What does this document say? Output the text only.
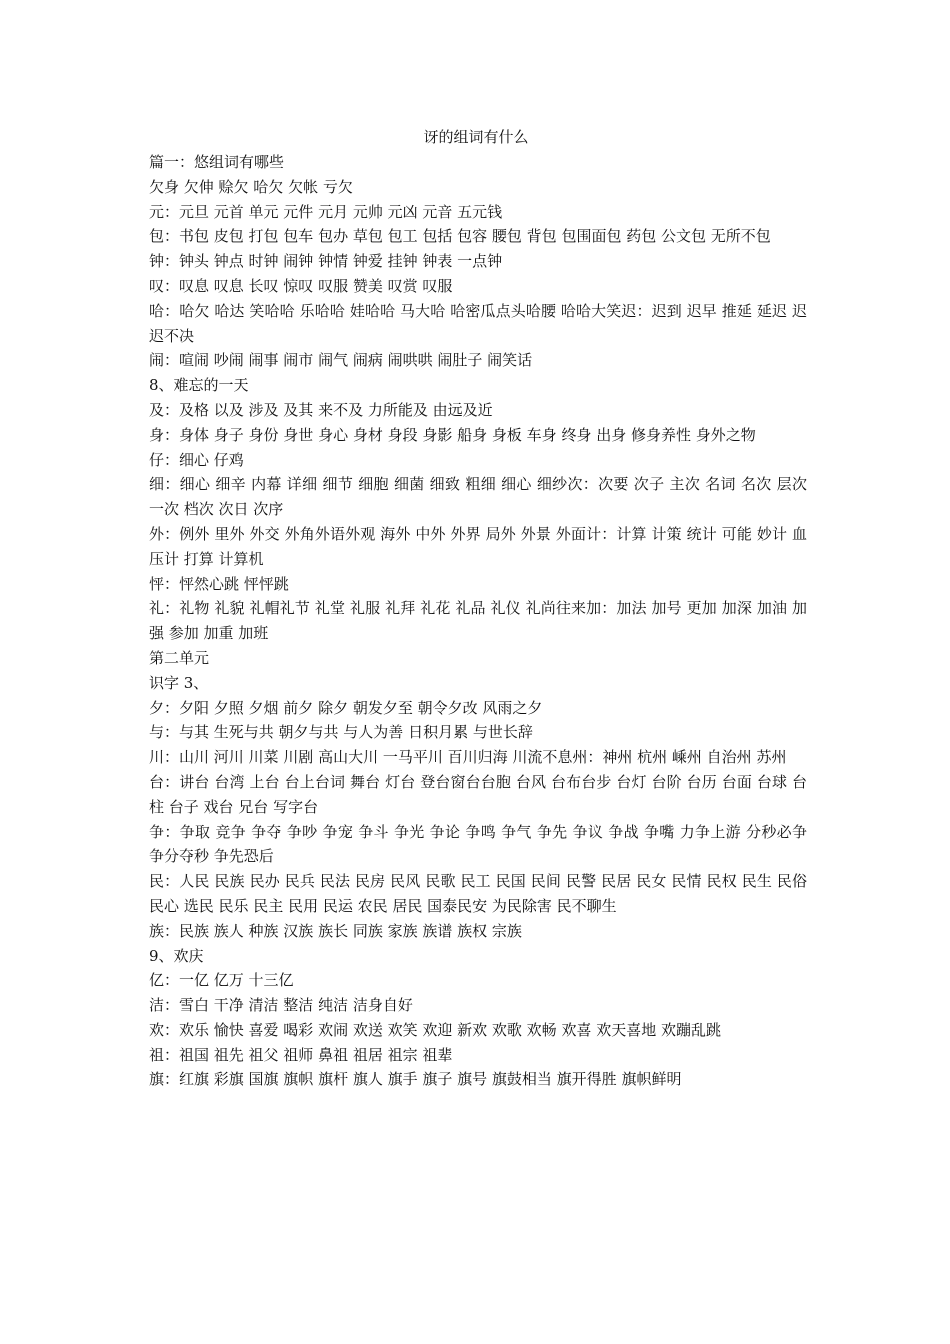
讶的组词有什么

篇一：悠组词有哪些

欠身 欠伸 赊欠 哈欠 欠帐 亏欠

元：元旦 元首 单元 元件 元月 元帅 元凶 元音 五元钱

包：书包 皮包 打包 包车 包办 草包 包工 包括 包容 腰包 背包 包围面包 药包 公文包 无所不包

钟：钟头 钟点 时钟 闹钟 钟情 钟爱 挂钟 钟表 一点钟

叹：叹息 叹息 长叹 惊叹 叹服 赞美 叹赏 叹服

哈：哈欠 哈达 笑哈哈 乐哈哈 娃哈哈 马大哈 哈密瓜点头哈腰 哈哈大笑迟：迟到 迟早 推延 延迟 迟迟不决

闹：喧闹 吵闹 闹事 闹市 闹气 闹病 闹哄哄 闹肚子 闹笑话

8、难忘的一天

及：及格 以及 涉及 及其 来不及 力所能及 由远及近

身：身体 身子 身份 身世 身心 身材 身段 身影 船身 身板 车身 终身 出身 修身养性 身外之物

仔：细心 仔鸡

细：细心 细辛 内幕 详细 细节 细胞 细菌 细致 粗细 细心 细纱次：次要 次子 主次 名词 名次 层次 一次 档次 次日 次序

外：例外 里外 外交 外角外语外观 海外 中外 外界 局外 外景 外面计：计算 计策 统计 可能 妙计 血压计 打算 计算机

怦：怦然心跳 怦怦跳

礼：礼物 礼貌 礼帽礼节 礼堂 礼服 礼拜 礼花 礼品 礼仪 礼尚往来加：加法 加号 更加 加深 加油 加强 参加 加重 加班

第二单元

识字 3、

夕：夕阳 夕照 夕烟 前夕 除夕 朝发夕至 朝令夕改 风雨之夕

与：与其 生死与共 朝夕与共 与人为善 日积月累 与世长辞

川：山川 河川 川菜 川剧 高山大川 一马平川 百川归海 川流不息州：神州 杭州 嵊州 自治州 苏州

台：讲台 台湾 上台 台上台词 舞台 灯台 登台窗台台胞 台风 台布台步 台灯 台阶 台历 台面 台球 台柱 台子 戏台 兄台 写字台

争：争取 竞争 争夺 争吵 争宠 争斗 争光 争论 争鸣 争气 争先 争议 争战 争嘴 力争上游 分秒必争 争分夺秒 争先恐后

民：人民 民族 民办 民兵 民法 民房 民风 民歌 民工 民国 民间 民警 民居 民女 民情 民权 民生 民俗 民心 选民 民乐 民主 民用 民运 农民 居民 国泰民安 为民除害 民不聊生

族：民族 族人 种族 汉族 族长 同族 家族 族谱 族权 宗族

9、欢庆

亿：一亿 亿万 十三亿

洁：雪白 干净 清洁 整洁 纯洁 洁身自好

欢：欢乐 愉快 喜爱 喝彩 欢闹 欢送 欢笑 欢迎 新欢 欢歌 欢畅 欢喜 欢天喜地 欢蹦乱跳

祖：祖国 祖先 祖父 祖师 鼻祖 祖居 祖宗 祖辈

旗：红旗 彩旗 国旗 旗帜 旗杆 旗人 旗手 旗子 旗号 旗鼓相当 旗开得胜 旗帜鲜明
